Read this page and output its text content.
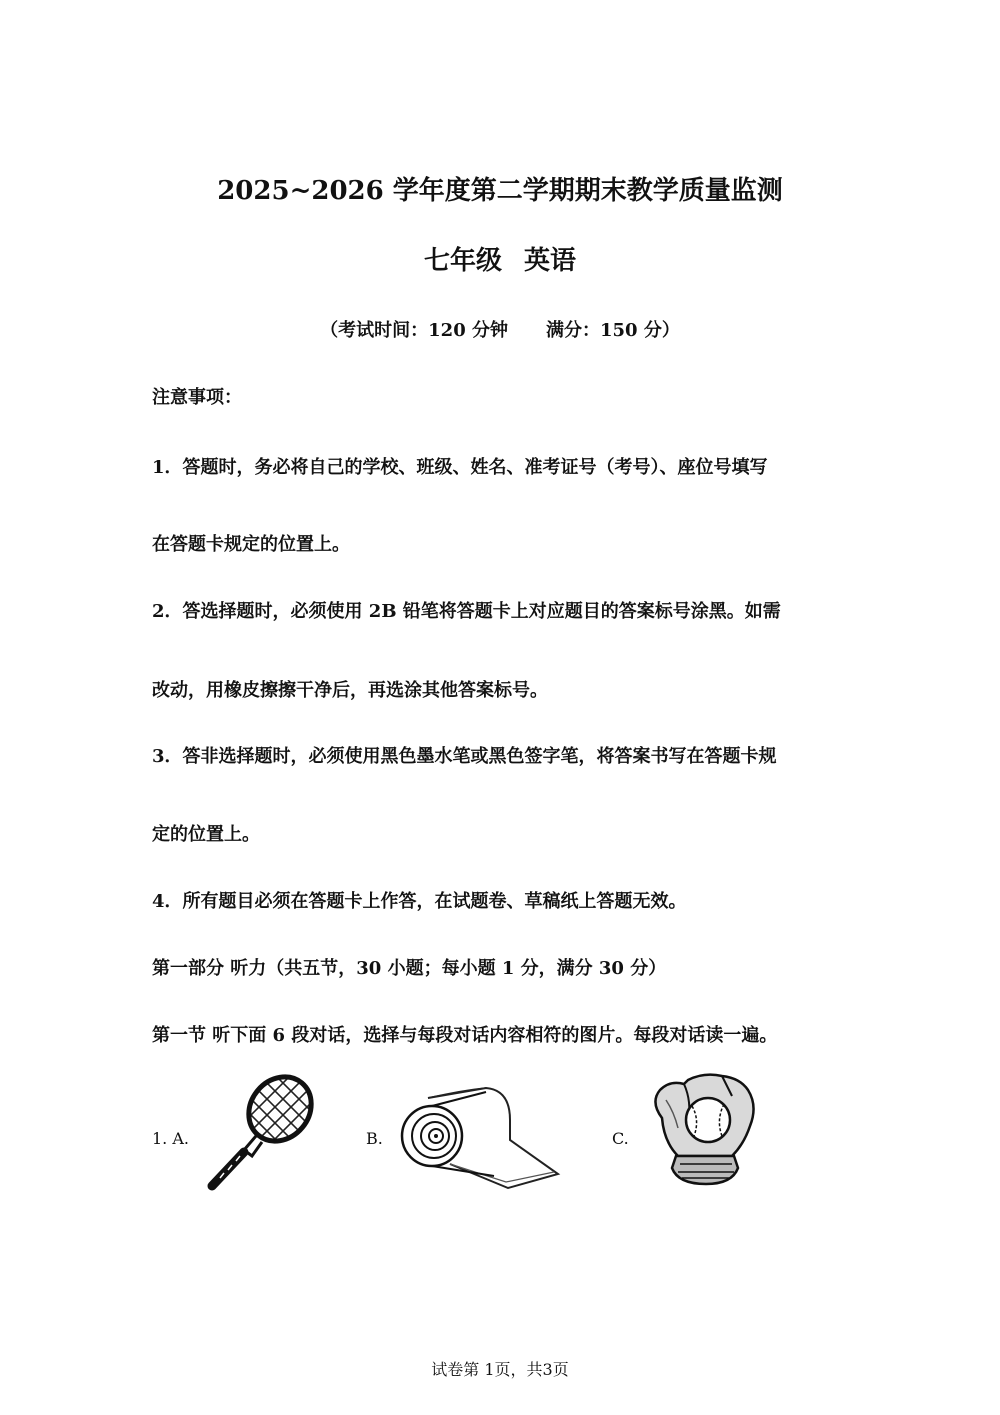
2025~2026 学年度第二学期期末教学质量监测
七年级 英语
（考试时间：120 分钟 满分：150 分）
注意事项：
1．答题时，务必将自己的学校、班级、姓名、准考证号（考号）、座位号填写
在答题卡规定的位置上。
2．答选择题时，必须使用 2B 铅笔将答题卡上对应题目的答案标号涂黑。如需
改动，用橡皮擦擦干净后，再选涂其他答案标号。
3．答非选择题时，必须使用黑色墨水笔或黑色签字笔，将答案书写在答题卡规
定的位置上。
4．所有题目必须在答题卡上作答，在试题卷、草稿纸上答题无效。
第一部分 听力（共五节，30 小题；每小题 1 分，满分 30 分）
第一节 听下面 6 段对话，选择与每段对话内容相符的图片。每段对话读一遍。
1. A.	B.	C.
试卷第 1页，共3页
